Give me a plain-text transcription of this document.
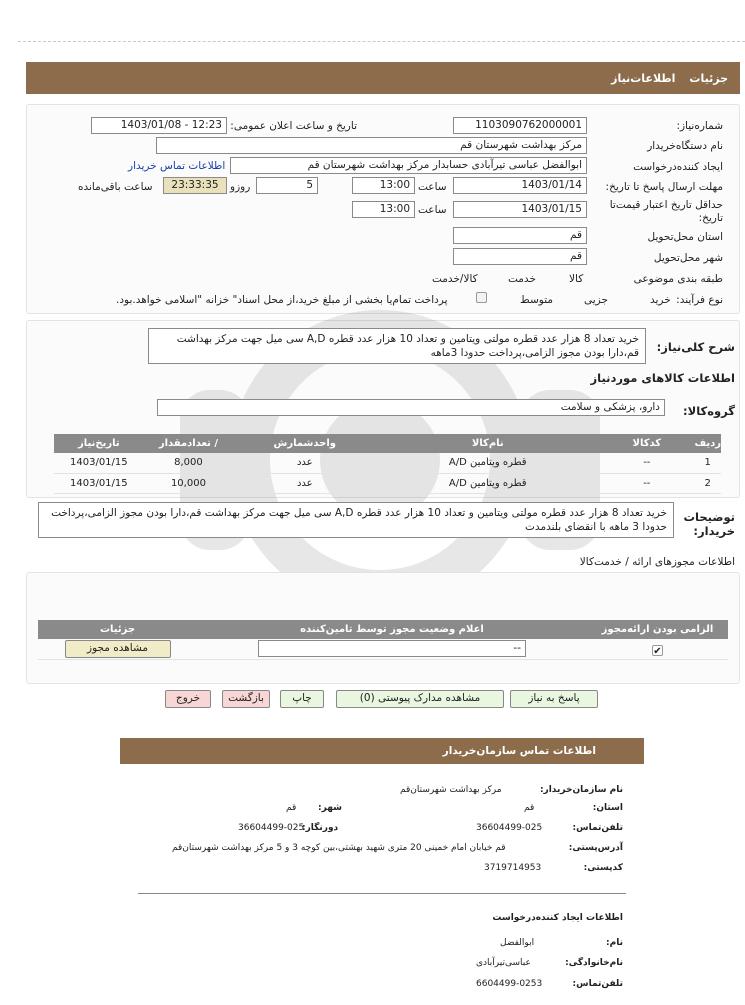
جزئیات
اطلاعات‌نیاز
شماره‌نیاز:
1103090762000001
تاریخ و ساعت اعلان عمومی:
1403/01/08 - 12:23
نام دستگاه‌خریدار
مرکز بهداشت شهرستان قم
ایجاد کننده‌درخواست
ابوالفضل عباسی تیرآبادی حسابدار مرکز بهداشت شهرستان قم
اطلاعات تماس خریدار
مهلت ارسال پاسخ تا تاریخ:
1403/01/14
ساعت
13:00
5
روزو
23:33:35
ساعت باقی‌مانده
حداقل تاریخ اعتبار قیمت‌تا تاریخ:
1403/01/15
ساعت
13:00
استان محل‌تحویل
قم
شهر محل‌تحویل
قم
طبقه بندی موضوعی

کالا

خدمت

کالا/خدمت
نوع فرآیند:
خرید

جزیی
متوسط
پرداخت تمام‌یا بخشی از مبلغ خرید،از محل اسناد" خزانه "اسلامی خواهد.بود.
شرح کلی‌نیاز:
خرید تعداد 8 هزار عدد قطره مولتی ویتامین و تعداد 10 هزار عدد قطره A,D سی میل جهت مرکز بهداشت قم،دارا بودن مجوز الزامی،پرداخت حدودا 3ماهه
اطلاعات کالاهای موردنیاز
گروه‌کالا:
دارو، پزشکی و سلامت
ردیف	کدکالا	نام‌کالا	واحدشمارش	/ تعدادمقدار	تاریخ‌نیاز
1	--	قطره ویتامین A/D	عدد	8,000	1403/01/15
2	--	قطره ویتامین A/D	عدد	10,000	1403/01/15
توضیحات خریدار:
خرید تعداد 8 هزار عدد قطره مولتی ویتامین و تعداد 10 هزار عدد قطره A,D سی میل جهت مرکز بهداشت قم،دارا بودن مجوز الزامی،پرداخت حدودا 3 ماهه با انقضای بلندمدت
اطلاعات مجوزهای ارائه / خدمت‌کالا
الزامی بودن ارائه‌مجوز	اعلام وضعیت مجوز توسط تامین‌کننده	جزئیات
✔	--	مشاهده مجوز
پاسخ به نیاز
مشاهده مدارک پیوستی (0)
چاپ
بازگشت
خروج
اطلاعات تماس سازمان‌خریدار
نام سازمان‌خریدار:
مرکز بهداشت شهرستان‌قم
استان:
قم
شهر:
قم
تلفن‌تماس:
36604499-025
دورنگار:
36604499-025
آدرس‌پستی:
قم خیابان امام خمینی 20 متری شهید بهشتی،بین کوچه 3 و 5 مرکز بهداشت شهرستان‌قم
کدپستی:
3719714953
اطلاعات ایجاد کننده‌درخواست
نام:
ابوالفضل
نام‌خانوادگی:
عباسی‌تیرآبادی
تلفن‌تماس:
6604499-0253
